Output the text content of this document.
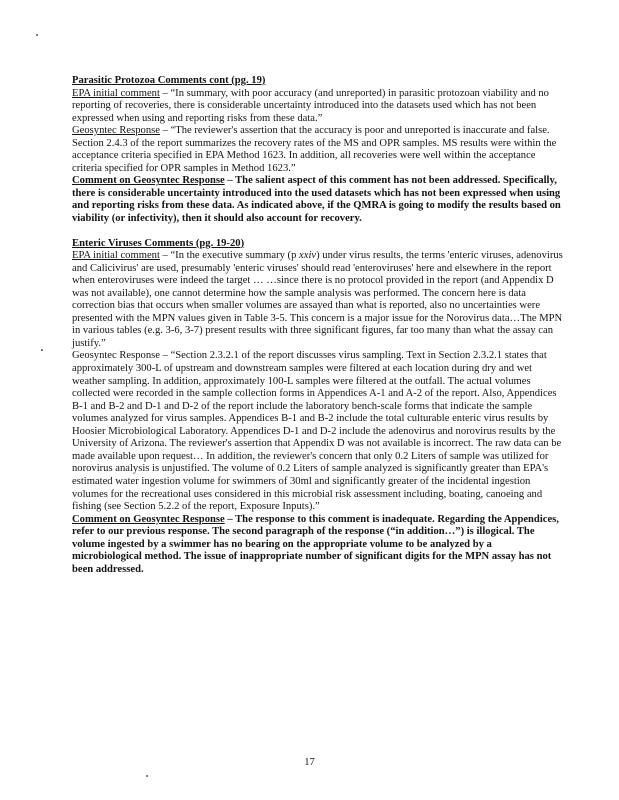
Parasitic Protozoa Comments cont (pg. 19)

EPA initial comment – “In summary, with poor accuracy (and unreported) in parasitic protozoan viability and no reporting of recoveries, there is considerable uncertainty introduced into the datasets used which has not been expressed when using and reporting risks from these data.”

Geosyntec Response – “The reviewer's assertion that the accuracy is poor and unreported is inaccurate and false. Section 2.4.3 of the report summarizes the recovery rates of the MS and OPR samples. MS results were within the acceptance criteria specified in EPA Method 1623. In addition, all recoveries were well within the acceptance criteria specified for OPR samples in Method 1623.”

Comment on Geosyntec Response – The salient aspect of this comment has not been addressed. Specifically, there is considerable uncertainty introduced into the used datasets which has not been expressed when using and reporting risks from these data. As indicated above, if the QMRA is going to modify the results based on viability (or infectivity), then it should also account for recovery.

Enteric Viruses Comments (pg. 19-20)

EPA initial comment – “In the executive summary (p xxiv) under virus results, the terms 'enteric viruses, adenovirus and Calicivirus' are used, presumably 'enteric viruses' should read 'enteroviruses' here and elsewhere in the report when enteroviruses were indeed the target … …since there is no protocol provided in the report (and Appendix D was not available), one cannot determine how the sample analysis was performed. The concern here is data correction bias that occurs when smaller volumes are assayed than what is reported, also no uncertainties were presented with the MPN values given in Table 3-5. This concern is a major issue for the Norovirus data…The MPN in various tables (e.g. 3-6, 3-7) present results with three significant figures, far too many than what the assay can justify.”

Geosyntec Response – “Section 2.3.2.1 of the report discusses virus sampling. Text in Section 2.3.2.1 states that approximately 300-L of upstream and downstream samples were filtered at each location during dry and wet weather sampling. In addition, approximately 100-L samples were filtered at the outfall. The actual volumes collected were recorded in the sample collection forms in Appendices A-1 and A-2 of the report. Also, Appendices B-1 and B-2 and D-1 and D-2 of the report include the laboratory bench-scale forms that indicate the sample volumes analyzed for virus samples. Appendices B-1 and B-2 include the total culturable enteric virus results by Hoosier Microbiological Laboratory. Appendices D-1 and D-2 include the adenovirus and norovirus results by the University of Arizona. The reviewer's assertion that Appendix D was not available is incorrect. The raw data can be made available upon request… In addition, the reviewer's concern that only 0.2 Liters of sample was utilized for norovirus analysis is unjustified. The volume of 0.2 Liters of sample analyzed is significantly greater than EPA's estimated water ingestion volume for swimmers of 30ml and significantly greater of the incidental ingestion volumes for the recreational uses considered in this microbial risk assessment including, boating, canoeing and fishing (see Section 5.2.2 of the report, Exposure Inputs).”

Comment on Geosyntec Response – The response to this comment is inadequate. Regarding the Appendices, refer to our previous response. The second paragraph of the response (“in addition…”) is illogical. The volume ingested by a swimmer has no bearing on the appropriate volume to be analyzed by a microbiological method. The issue of inappropriate number of significant digits for the MPN assay has not been addressed.

17
